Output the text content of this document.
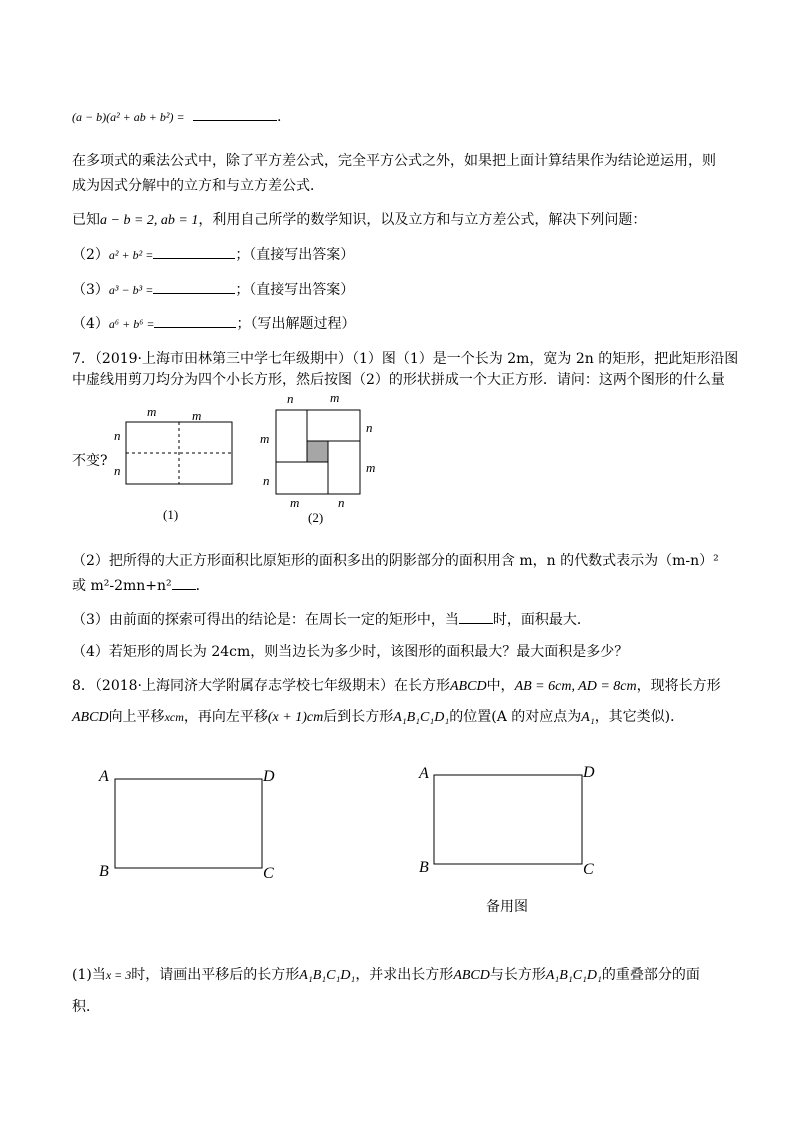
(a − b)(a² + ab + b²) =	.
在多项式的乘法公式中，除了平方差公式，完全平方公式之外，如果把上面计算结果作为结论逆运用，则
成为因式分解中的立方和与立方差公式．
已知a − b = 2, ab = 1，利用自己所学的数学知识，以及立方和与立方差公式，解决下列问题：
（2）a² + b² =	；（直接写出答案）
（3）a³ − b³ =	；（直接写出答案）
（4）a⁶ + b⁶ =	；（写出解题过程）
7．（2019·上海市田林第三中学七年级期中）（1）图（1）是一个长为 2m，宽为 2n 的矩形，把此矩形沿图
中虚线用剪刀均分为四个小长方形，然后按图（2）的形状拼成一个大正方形．请问：这两个图形的什么量
不变?
m	m
n
n
(1)
n	m
n
m
m
n
m	n
(2)
（2）把所得的大正方形面积比原矩形的面积多出的阴影部分的面积用含 m，n 的代数式表示为（m-n）²
或 m²-2mn+n² ．
（3）由前面的探索可得出的结论是：在周长一定的矩形中，当 时，面积最大．
（4）若矩形的周长为 24cm，则当边长为多少时，该图形的面积最大？最大面积是多少？
8．（2018·上海同济大学附属存志学校七年级期末）在长方形ABCD中，AB = 6cm, AD = 8cm，现将长方形
ABCD向上平移xcm，再向左平移(x + 1)cm后到长方形A₁B₁C₁D₁的位置(A 的对应点为A₁，其它类似)．
A	D
B	C
A	D
B	C
备用图
(1)当x = 3时，请画出平移后的长方形A₁B₁C₁D₁，并求出长方形ABCD与长方形A₁B₁C₁D₁的重叠部分的面
积．
